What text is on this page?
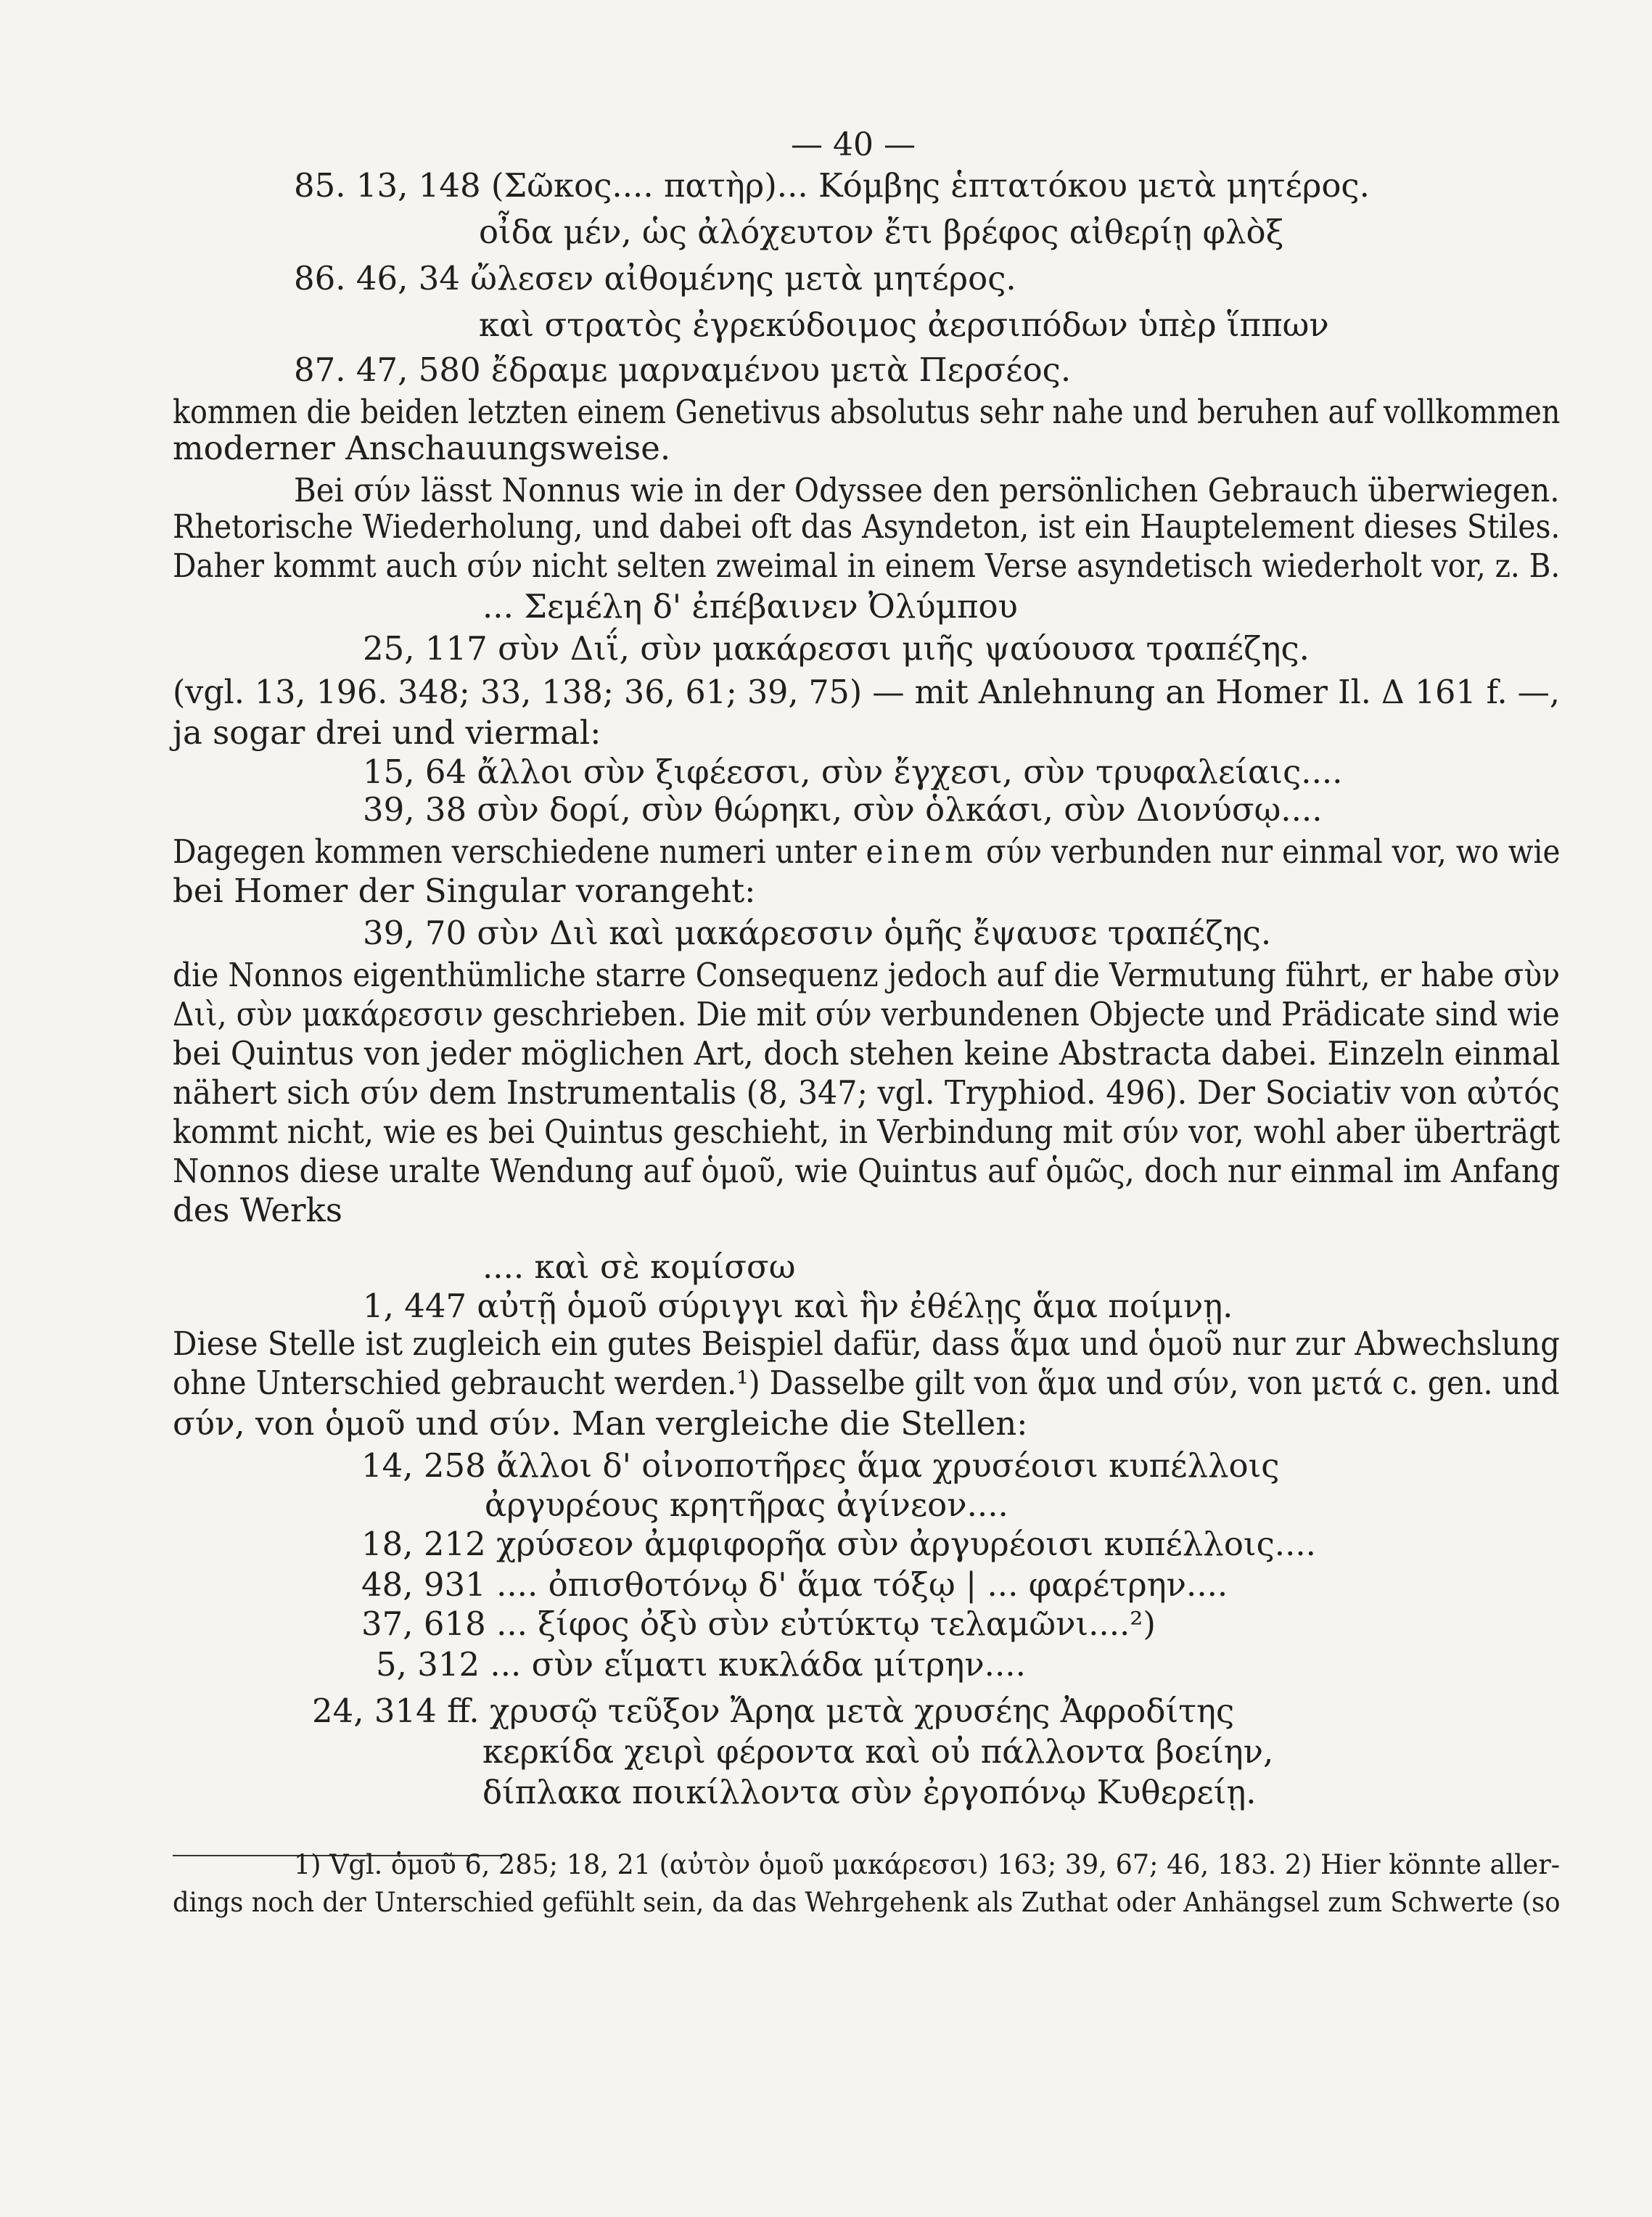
— 40 —
85. 13, 148 (Σῶκος.... πατὴρ)... Κόμβης ἑπτατόκου μετὰ μητέρος.
οἶδα μέν, ὡς ἀλόχευτον ἔτι βρέφος αἰθερίῃ φλὸξ
86. 46, 34 ὤλεσεν αἰθομένης μετὰ μητέρος.
καὶ στρατὸς ἐγρεκύδοιμος ἀερσιπόδων ὑπὲρ ἵππων
87. 47, 580 ἔδραμε μαρναμένου μετὰ Περσέος.
kommen die beiden letzten einem Genetivus absolutus sehr nahe und beruhen auf vollkommen
moderner Anschauungsweise.
Bei σύν lässt Nonnus wie in der Odyssee den persönlichen Gebrauch überwiegen.
Rhetorische Wiederholung, und dabei oft das Asyndeton, ist ein Hauptelement dieses Stiles.
Daher kommt auch σύν nicht selten zweimal in einem Verse asyndetisch wiederholt vor, z. B.
... Σεμέλη δ' ἐπέβαινεν Ὀλύμπου
25, 117 σὺν Διΐ, σὺν μακάρεσσι μιῆς ψαύουσα τραπέζης.
(vgl. 13, 196. 348; 33, 138; 36, 61; 39, 75) — mit Anlehnung an Homer Il. Δ 161 f. —,
ja sogar drei und viermal:
15, 64 ἄλλοι σὺν ξιφέεσσι, σὺν ἔγχεσι, σὺν τρυφαλείαις....
39, 38 σὺν δορί, σὺν θώρηκι, σὺν ὁλκάσι, σὺν Διονύσῳ....
Dagegen kommen verschiedene numeri unter einem σύν verbunden nur einmal vor, wo wie
bei Homer der Singular vorangeht:
39, 70 σὺν Διὶ καὶ μακάρεσσιν ὁμῆς ἔψαυσε τραπέζης.
die Nonnos eigenthümliche starre Consequenz jedoch auf die Vermutung führt, er habe σὺν
Διὶ, σὺν μακάρεσσιν geschrieben. Die mit σύν verbundenen Objecte und Prädicate sind wie
bei Quintus von jeder möglichen Art, doch stehen keine Abstracta dabei. Einzeln einmal
nähert sich σύν dem Instrumentalis (8, 347; vgl. Tryphiod. 496). Der Sociativ von αὐτός
kommt nicht, wie es bei Quintus geschieht, in Verbindung mit σύν vor, wohl aber überträgt
Nonnos diese uralte Wendung auf ὁμοῦ, wie Quintus auf ὁμῶς, doch nur einmal im Anfang
des Werks
.... καὶ σὲ κομίσσω
1, 447 αὐτῇ ὁμοῦ σύριγγι καὶ ἣν ἐθέλῃς ἅμα ποίμνῃ.
Diese Stelle ist zugleich ein gutes Beispiel dafür, dass ἅμα und ὁμοῦ nur zur Abwechslung
ohne Unterschied gebraucht werden.¹) Dasselbe gilt von ἅμα und σύν, von μετά c. gen. und
σύν, von ὁμοῦ und σύν. Man vergleiche die Stellen:
14, 258 ἄλλοι δ' οἰνοποτῆρες ἅμα χρυσέοισι κυπέλλοις
ἀργυρέους κρητῆρας ἀγίνεον....
18, 212 χρύσεον ἀμφιφορῆα σὺν ἀργυρέοισι κυπέλλοις....
48, 931 .... ὀπισθοτόνῳ δ' ἅμα τόξῳ | ... φαρέτρην....
37, 618 ... ξίφος ὀξὺ σὺν εὐτύκτῳ τελαμῶνι....²)
5, 312 ... σὺν εἵματι κυκλάδα μίτρην....
24, 314 ff. χρυσῷ τεῦξον Ἄρηα μετὰ χρυσέης Ἀφροδίτης
κερκίδα χειρὶ φέροντα καὶ οὐ πάλλοντα βοείην,
δίπλακα ποικίλλοντα σὺν ἐργοπόνῳ Κυθερείῃ.
1) Vgl. ὁμοῦ 6, 285; 18, 21 (αὐτὸν ὁμοῦ μακάρεσσι) 163; 39, 67; 46, 183. 2) Hier könnte aller-
dings noch der Unterschied gefühlt sein, da das Wehrgehenk als Zuthat oder Anhängsel zum Schwerte (so
